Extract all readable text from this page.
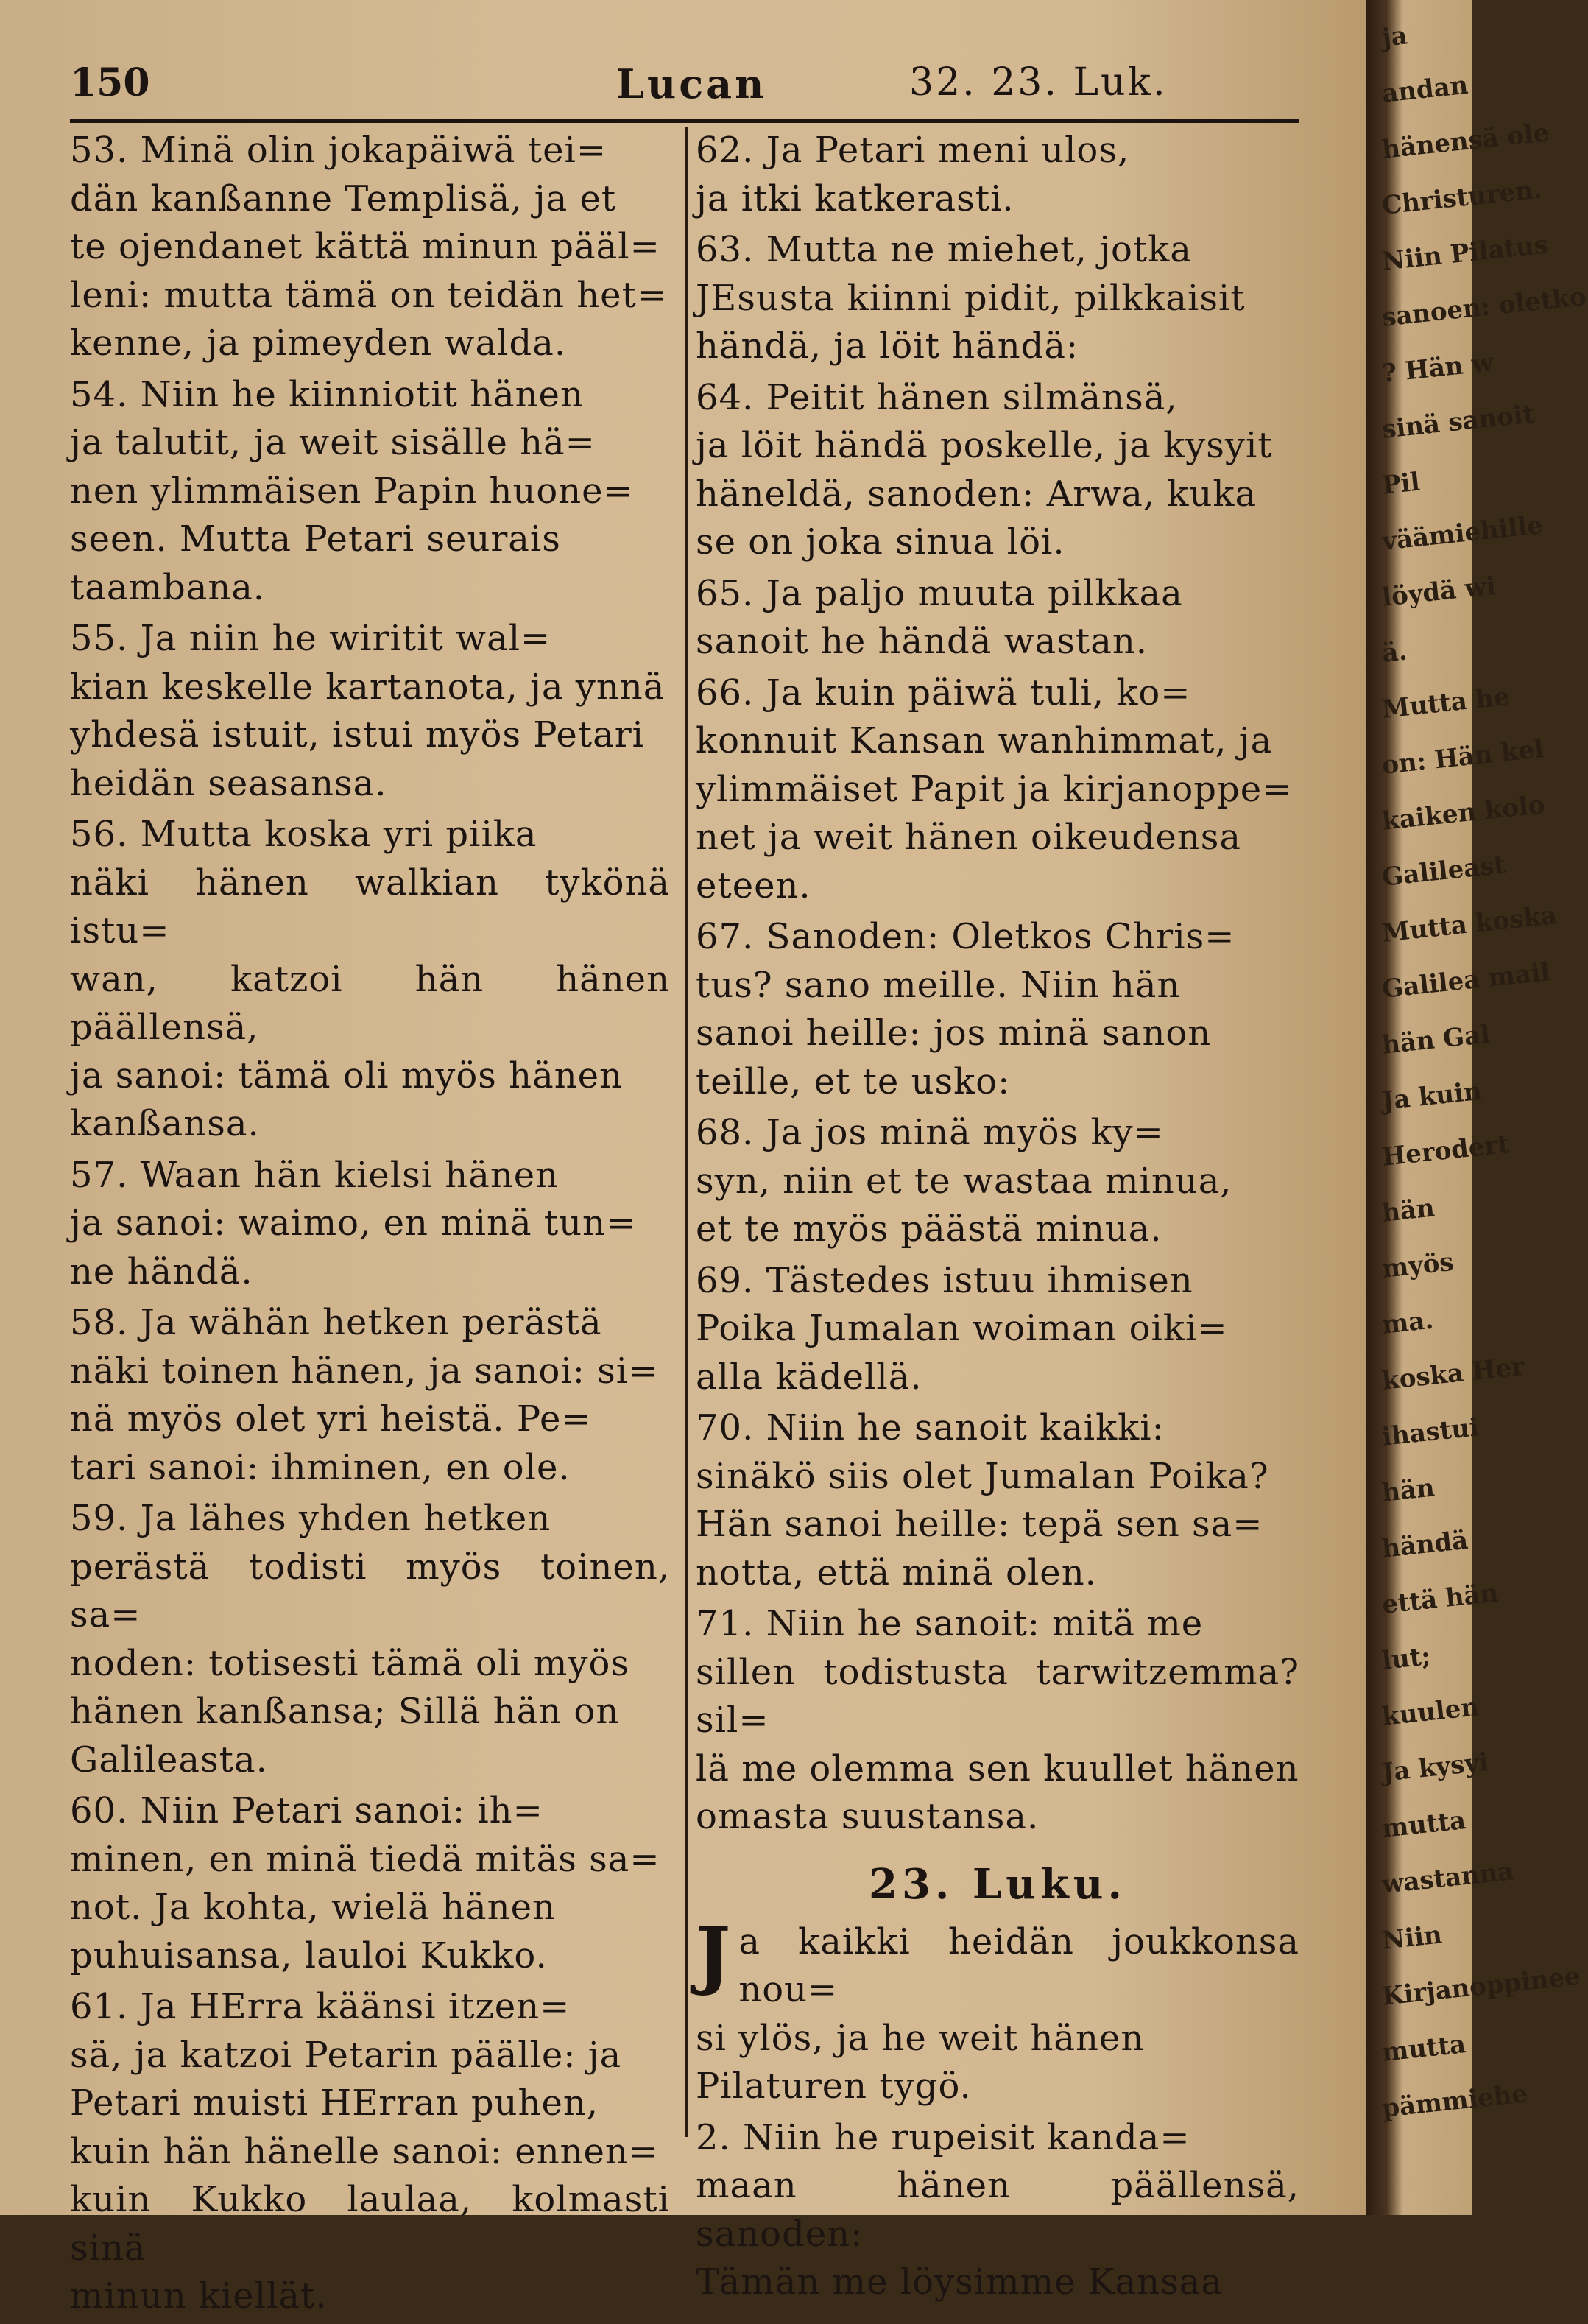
150	Lucan	32. 23. Luk.
53. Minä olin jokapäiwä tei=
dän kanßanne Templisä, ja et
te ojendanet kättä minun pääl=
leni: mutta tämä on teidän het=
kenne, ja pimeyden walda.
54. Niin he kiinniotit hänen
ja talutit, ja weit sisälle hä=
nen ylimmäisen Papin huone=
seen. Mutta Petari seurais
taambana.
55. Ja niin he wiritit wal=
kian keskelle kartanota, ja ynnä
yhdesä istuit, istui myös Petari
heidän seasansa.
56. Mutta koska yri piika
näki hänen walkian tykönä istu=
wan, katzoi hän hänen päällensä,
ja sanoi: tämä oli myös hänen
kanßansa.
57. Waan hän kielsi hänen
ja sanoi: waimo, en minä tun=
ne händä.
58. Ja wähän hetken perästä
näki toinen hänen, ja sanoi: si=
nä myös olet yri heistä. Pe=
tari sanoi: ihminen, en ole.
59. Ja lähes yhden hetken
perästä todisti myös toinen, sa=
noden: totisesti tämä oli myös
hänen kanßansa; Sillä hän on
Galileasta.
60. Niin Petari sanoi: ih=
minen, en minä tiedä mitäs sa=
not. Ja kohta, wielä hänen
puhuisansa, lauloi Kukko.
61. Ja HErra käänsi itzen=
sä, ja katzoi Petarin päälle: ja
Petari muisti HErran puhen,
kuin hän hänelle sanoi: ennen=
kuin Kukko laulaa, kolmasti sinä
minun kiellät.
62. Ja Petari meni ulos,
ja itki katkerasti.
63. Mutta ne miehet, jotka
JEsusta kiinni pidit, pilkkaisit
händä, ja löit händä:
64. Peitit hänen silmänsä,
ja löit händä poskelle, ja kysyit
häneldä, sanoden: Arwa, kuka
se on joka sinua löi.
65. Ja paljo muuta pilkkaa
sanoit he händä wastan.
66. Ja kuin päiwä tuli, ko=
konnuit Kansan wanhimmat, ja
ylimmäiset Papit ja kirjanoppe=
net ja weit hänen oikeudensa
eteen.
67. Sanoden: Oletkos Chris=
tus? sano meille. Niin hän
sanoi heille: jos minä sanon
teille, et te usko:
68. Ja jos minä myös ky=
syn, niin et te wastaa minua,
et te myös päästä minua.
69. Tästedes istuu ihmisen
Poika Jumalan woiman oiki=
alla kädellä.
70. Niin he sanoit kaikki:
sinäkö siis olet Jumalan Poika?
Hän sanoi heille: tepä sen sa=
notta, että minä olen.
71. Niin he sanoit: mitä me
sillen todistusta tarwitzemma? sil=
lä me olemma sen kuullet hänen
omasta suustansa.
23. Luku.
J a kaikki heidän joukkonsa nou=
si ylös, ja he weit hänen
Pilaturen tygö.
2. Niin he rupeisit kanda=
maan hänen päällensä, sanoden:
Tämän me löysimme Kansaa
ja
andan
hänensä ole
Christuren.
Niin Pilatus
sanoen: oletko
? Hän w
sinä sanoit
Pil
väämiehille
löydä wi
ä.
Mutta he
on: Hän kel
kaiken kolo
Galileast
Mutta koska
Galilea mail
hän Gal
Ja kuin
Herodert
hän
myös
ma.
koska Her
ihastui
hän
händä
että hän
lut;
kuulen
Ja kysyi
mutta
wastanna
Niin
Kirjanoppinee
mutta
pämmiehe
